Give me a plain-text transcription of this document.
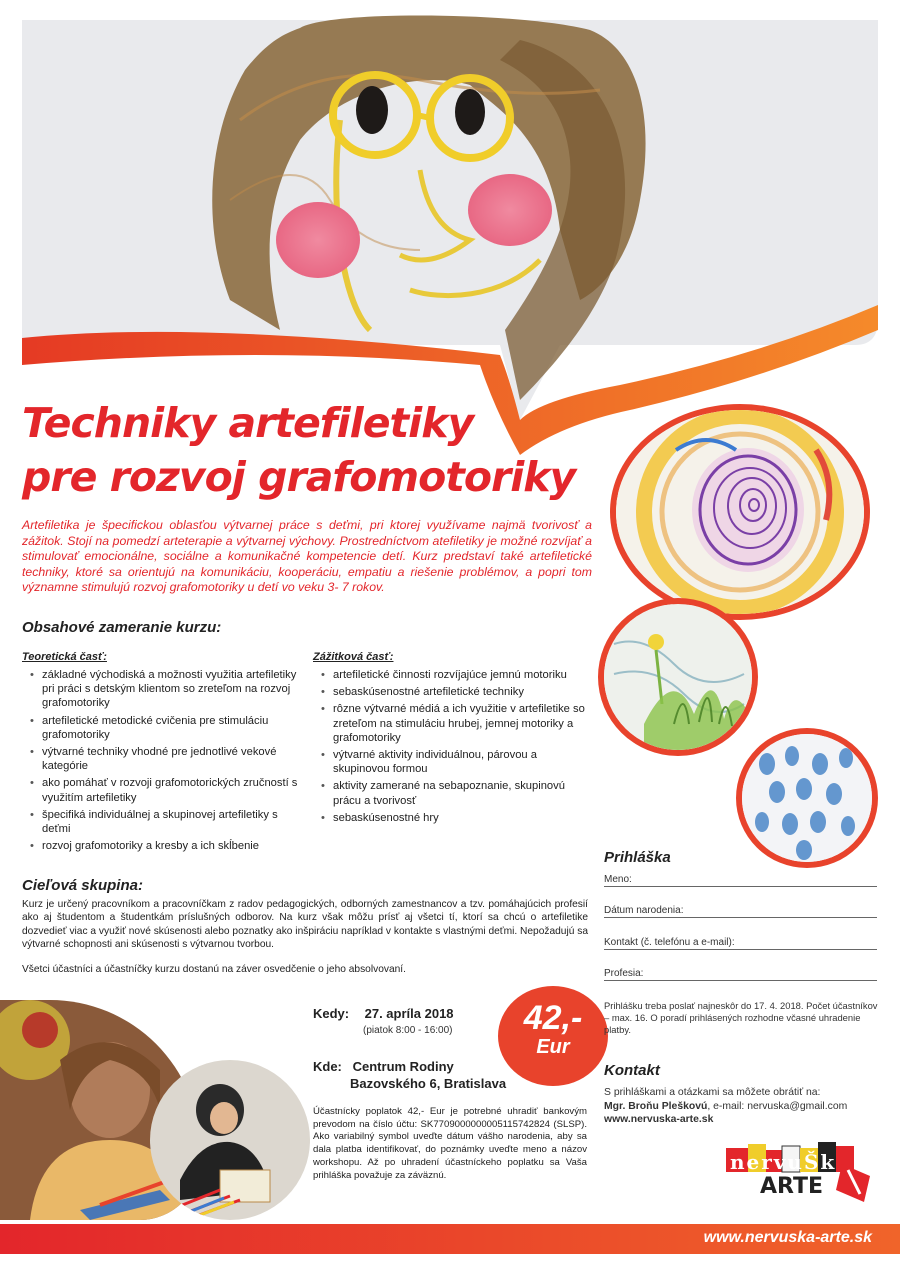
Techniky artefiletiky
pre rozvoj grafomotoriky
Artefiletika je špecifickou oblasťou výtvarnej práce s deťmi, pri ktorej využívame najmä tvorivosť a zážitok. Stojí na pomedzí arteterapie a výtvarnej výchovy. Prostredníctvom atefiletiky je možné rozvíjať a stimulovať emocionálne, sociálne a komunikačné kompetencie detí. Kurz predstaví také artefiletické techniky, ktoré sa orientujú na komunikáciu, kooperáciu, empatiu a riešenie problémov, a popri tom významne stimulujú rozvoj grafomotoriky u detí vo veku 3- 7 rokov.
Obsahové zameranie kurzu:
Teoretická časť:
• základné východiská a možnosti využitia artefiletiky pri práci s detským klientom so zreteľom na rozvoj grafomotoriky
• artefiletické metodické cvičenia pre stimuláciu grafomotoriky
• výtvarné techniky vhodné pre jednotlivé vekové kategórie
• ako pomáhať v rozvoji grafomotorických zručností s využitím artefiletiky
• špecifiká individuálnej a skupinovej artefiletiky s deťmi
• rozvoj grafomotoriky a kresby a ich skĺbenie
Zážitková časť:
• artefiletické činnosti rozvíjajúce jemnú motoriku
• sebaskúsenostné artefiletické techniky
• rôzne výtvarné médiá a ich využitie v artefiletike so zreteľom na stimuláciu hrubej, jemnej motoriky a grafomotoriky
• výtvarné aktivity individuálnou, párovou a skupinovou formou
• aktivity zamerané na sebapoznanie, skupinovú prácu a tvorivosť
• sebaskúsenostné hry
Cieľová skupina:
Kurz je určený pracovníkom a pracovníčkam z radov pedagogických, odborných zamestnancov a tzv. pomáhajúcich profesií ako aj študentom a študentkám príslušných odborov. Na kurz však môžu prísť aj všetci tí, ktorí sa chcú o artefiletike dozvedieť viac a využiť nové skúsenosti alebo poznatky ako inšpiráciu napríklad v kontakte s vlastnými deťmi. Nepožadujú sa výtvarné schopnosti ani skúsenosti s výtvarnou tvorbou.
Všetci účastníci a účastníčky kurzu dostanú na záver osvedčenie o jeho absolvovaní.
Kedy: 27. apríla 2018
(piatok 8:00 - 16:00)
Kde: Centrum Rodiny
Bazovského 6, Bratislava
Účastnícky poplatok 42,- Eur je potrebné uhradiť bankovým prevodom na číslo účtu: SK7709000000005115742824 (SLSP). Ako variabilný symbol uveďte dátum vášho narodenia, aby sa dala platba identifikovať, do poznámky uveďte meno a názov workshopu. Až po uhradení účastníckeho poplatku sa Vaša prihláška považuje za záväznú.
42,-
Eur
Prihláška
Meno:
Dátum narodenia:
Kontakt (č. telefónu a e-mail):
Profesia:
Prihlášku treba poslať najneskôr do 17. 4. 2018. Počet účastníkov – max. 16. O poradí prihlásených rozhodne včasné uhradenie platby.
Kontakt
S prihláškami a otázkami sa môžete obrátiť na:
Mgr. Broňu Pleškovú, e-mail: nervuska@gmail.com
www.nervuska-arte.sk
nervuŠk
ARTE
www.nervuska-arte.sk
